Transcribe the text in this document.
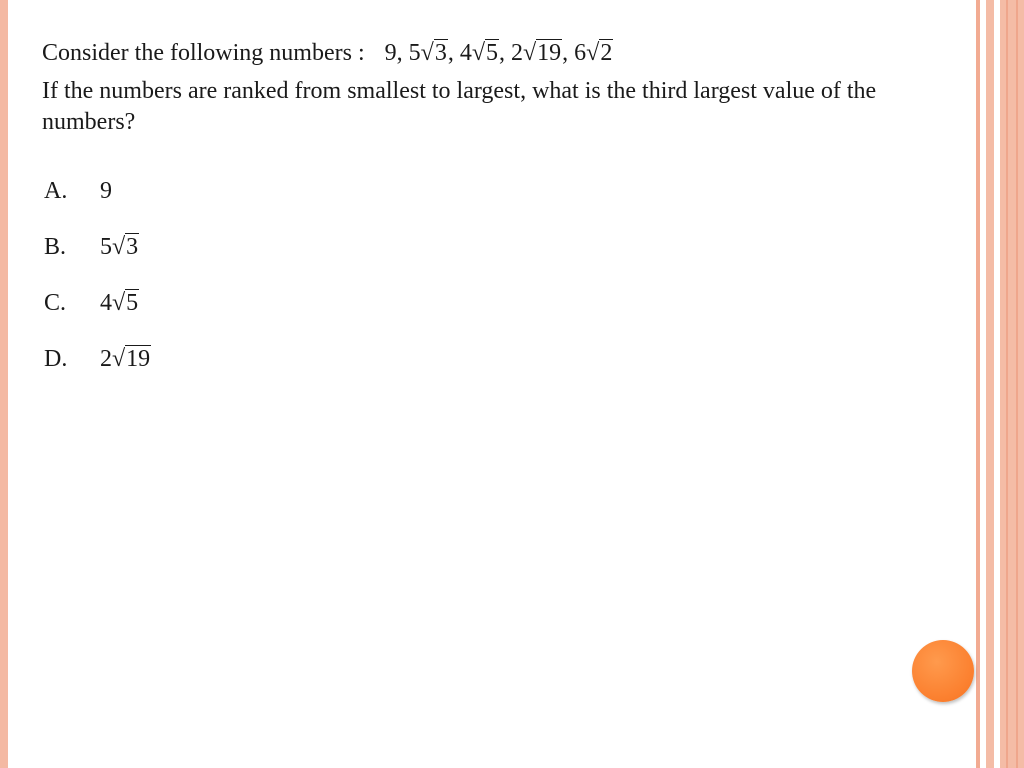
Consider the following numbers : 9, 5√3, 4√5, 2√19, 6√2
If the numbers are ranked from smallest to largest, what is the third largest value of the numbers?
A.	9
B.	5√3
C.	4√5
D.	2√19
